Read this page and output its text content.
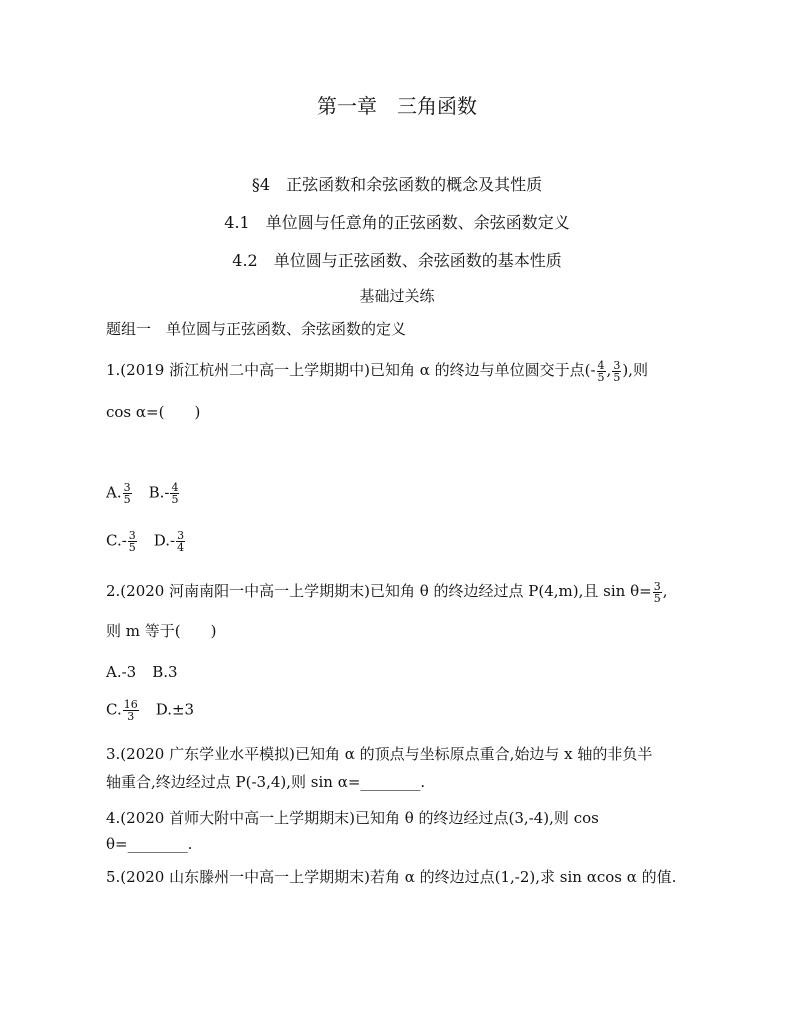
第一章　三角函数
§4　正弦函数和余弦函数的概念及其性质
4.1　单位圆与任意角的正弦函数、余弦函数定义
4.2　单位圆与正弦函数、余弦函数的基本性质
基础过关练
题组一　单位圆与正弦函数、余弦函数的定义
1.(2019 浙江杭州二中高一上学期期中)已知角 α 的终边与单位圆交于点(- $\frac{4}{5}$ , $\frac{3}{5}$ ),则
cos α=(　　)
A. $\frac{3}{5} B.- \frac{4}{5}$
$C.- \frac{3}{5} D.- \frac{3}{4}$
2.(2020 河南南阳一中高一上学期期末)已知角 θ 的终边经过点 P(4,m),且 $\sin \theta= \frac{3}{5}$ ,
则 m 等于(　　)
A.-3 B.3
C. $\frac{16}{3} D.\pm 3$
3.(2020 广东学业水平模拟)已知角 α 的顶点与坐标原点重合,始边与 x 轴的非负半
轴重合,终边经过点 P(-3,4),则 sin α=________.
4.(2020 首师大附中高一上学期期末)已知角 θ 的终边经过点(3,-4),则 cos
θ=________.
5.(2020 山东滕州一中高一上学期期末)若角 α 的终边过点(1,-2),求 sin αcos α 的值.
